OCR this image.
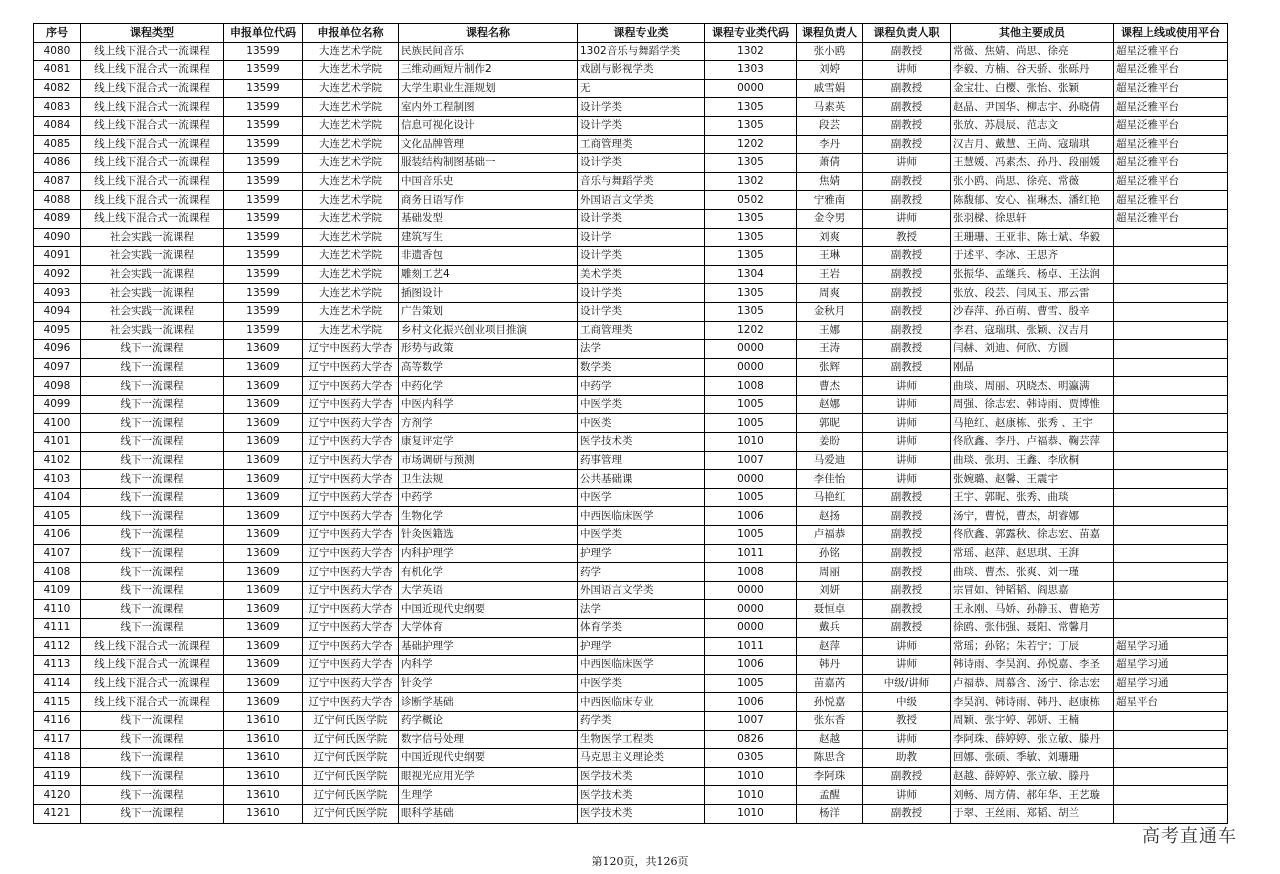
序号	课程类型	申报单位代码	申报单位名称	课程名称	课程专业类	课程专业类代码	课程负责人	课程负责人职	其他主要成员	课程上线或使用平台
4080	线上线下混合式一流课程	13599	大连艺术学院	民族民间音乐	1302音乐与舞蹈学类	1302	张小鸥	副教授	常薇、焦婧、尚思、徐亮	超星泛雅平台
4081	线上线下混合式一流课程	13599	大连艺术学院	三维动画短片制作2	戏剧与影视学类	1303	刘婷	讲师	李毅、方楠、谷天骄、张砾丹	超星泛雅平台
4082	线上线下混合式一流课程	13599	大连艺术学院	大学生职业生涯规划	无	0000	戚雪娟	副教授	金宝壮、白樱、张怡、张颖	超星泛雅平台
4083	线上线下混合式一流课程	13599	大连艺术学院	室内外工程制图	设计学类	1305	马素英	副教授	赵晶、尹国华、柳志宇、孙晓倩	超星泛雅平台
4084	线上线下混合式一流课程	13599	大连艺术学院	信息可视化设计	设计学类	1305	段芸	副教授	张放、苏晨辰、范志文	超星泛雅平台
4085	线上线下混合式一流课程	13599	大连艺术学院	文化品牌管理	工商管理类	1202	李丹	副教授	汉吉月、戴慧、王尚、寇瑞琪	超星泛雅平台
4086	线上线下混合式一流课程	13599	大连艺术学院	服装结构制图基础一	设计学类	1305	萧倩	讲师	王慧媛、冯素杰、孙丹、段丽媛	超星泛雅平台
4087	线上线下混合式一流课程	13599	大连艺术学院	中国音乐史	音乐与舞蹈学类	1302	焦婧	副教授	张小鸥、尚思、徐亮、常薇	超星泛雅平台
4088	线上线下混合式一流课程	13599	大连艺术学院	商务日语写作	外国语言文学类	0502	宁雅南	副教授	陈馥郁、安心、崔琳杰、潘红艳	超星泛雅平台
4089	线上线下混合式一流课程	13599	大连艺术学院	基础发型	设计学类	1305	金令男	讲师	张羽樑、徐思轩	超星泛雅平台
4090	社会实践一流课程	13599	大连艺术学院	建筑写生	设计学	1305	刘爽	教授	王珊珊、王亚非、陈士斌、华毅	
4091	社会实践一流课程	13599	大连艺术学院	非遗香包	设计学类	1305	王琳	副教授	于述平、李冰、王思齐	
4092	社会实践一流课程	13599	大连艺术学院	雕刻工艺4	美术学类	1304	王岩	副教授	张振华、孟继兵、杨卓、王法润	
4093	社会实践一流课程	13599	大连艺术学院	插图设计	设计学类	1305	周爽	副教授	张放、段芸、闫凤玉、邢云雷	
4094	社会实践一流课程	13599	大连艺术学院	广告策划	设计学类	1305	金秋月	副教授	沙春萍、孙百萌、曹雪、殷辛	
4095	社会实践一流课程	13599	大连艺术学院	乡村文化振兴创业项目推演	工商管理类	1202	王娜	副教授	李君、寇瑞琪、张颖、汉吉月	
4096	线下一流课程	13609	辽宁中医药大学杏	形势与政策	法学	0000	王涛	副教授	闫赫、刘迪、何欣、方圆	
4097	线下一流课程	13609	辽宁中医药大学杏	高等数学	数学类	0000	张辉	副教授	刚晶	
4098	线下一流课程	13609	辽宁中医药大学杏	中药化学	中药学	1008	曹杰	讲师	曲琰、周丽、巩晓杰、明瀛满	
4099	线下一流课程	13609	辽宁中医药大学杏	中医内科学	中医学类	1005	赵娜	讲师	周强、徐志宏、韩诗雨、贾博惟	
4100	线下一流课程	13609	辽宁中医药大学杏	方剂学	中医类	1005	郭昵	讲师	马艳红、赵康栋、张秀 、王宇	
4101	线下一流课程	13609	辽宁中医药大学杏	康复评定学	医学技术类	1010	姜盼	讲师	佟欣鑫、李丹、卢福恭、鞠芸萍	
4102	线下一流课程	13609	辽宁中医药大学杏	市场调研与预测	药事管理	1007	马爱迪	讲师	曲琰、张玥、王鑫、李欣桐	
4103	线下一流课程	13609	辽宁中医药大学杏	卫生法规	公共基础课	0000	李佳怡	讲师	张婉璐、赵馨、王震宇	
4104	线下一流课程	13609	辽宁中医药大学杏	中药学	中医学	1005	马艳红	副教授	王宇、郭昵、张秀、曲琰	
4105	线下一流课程	13609	辽宁中医药大学杏	生物化学	中西医临床医学	1006	赵扬	副教授	汤宁，曹悦，曹杰，胡睿娜	
4106	线下一流课程	13609	辽宁中医药大学杏	针灸医籍选	中医学类	1005	卢福恭	副教授	佟欣鑫、郭露秋、徐志宏、苗嘉	
4107	线下一流课程	13609	辽宁中医药大学杏	内科护理学	护理学	1011	孙铭	副教授	常瑶、赵萍、赵思琪、王湃	
4108	线下一流课程	13609	辽宁中医药大学杏	有机化学	药学	1008	周丽	副教授	曲琰、曹杰、张爽、刘一瑾	
4109	线下一流课程	13609	辽宁中医药大学杏	大学英语	外国语言文学类	0000	刘妍	副教授	宗冒如、钟韬韬、阎思嘉	
4110	线下一流课程	13609	辽宁中医药大学杏	中国近现代史纲要	法学	0000	聂恒卓	副教授	王永刚、马娇、孙静玉、曹艳芳	
4111	线下一流课程	13609	辽宁中医药大学杏	大学体育	体育学类	0000	戴兵	副教授	徐鸥、张伟强、聂阳、常馨月	
4112	线上线下混合式一流课程	13609	辽宁中医药大学杏	基础护理学	护理学	1011	赵萍	讲师	常瑶；孙铭；朱若宁；丁辰	超星学习通
4113	线上线下混合式一流课程	13609	辽宁中医药大学杏	内科学	中西医临床医学	1006	韩丹	讲师	韩诗雨、李昊润、孙悦嘉、李圣	超星学习通
4114	线上线下混合式一流课程	13609	辽宁中医药大学杏	针灸学	中医学类	1005	苗嘉芮	中级/讲师	卢福恭、周慕含、汤宁、徐志宏	超星学习通
4115	线上线下混合式一流课程	13609	辽宁中医药大学杏	诊断学基础	中西医临床专业	1006	孙悦嘉	中级	李昊润、韩诗雨、韩丹、赵康栋	超星平台
4116	线下一流课程	13610	辽宁何氏医学院	药学概论	药学类	1007	张东香	教授	周颖、张宇婷、郭妍、王楠	
4117	线下一流课程	13610	辽宁何氏医学院	数字信号处理	生物医学工程类	0826	赵越	讲师	李阿珠、薛婷婷、张立敏、滕丹	
4118	线下一流课程	13610	辽宁何氏医学院	中国近现代史纲要	马克思主义理论类	0305	陈思含	助教	回娜、张硕、季敏、刘珊珊	
4119	线下一流课程	13610	辽宁何氏医学院	眼视光应用光学	医学技术类	1010	李阿珠	副教授	赵越、薛婷婷、张立敏、滕丹	
4120	线下一流课程	13610	辽宁何氏医学院	生理学	医学技术类	1010	孟醒	讲师	刘畅、周方倩、郝年华、王艺璇	
4121	线下一流课程	13610	辽宁何氏医学院	眼科学基础	医学技术类	1010	杨洋	副教授	于翠、王丝雨、郑韬、胡兰	
高考直通车
第120页，共126页
